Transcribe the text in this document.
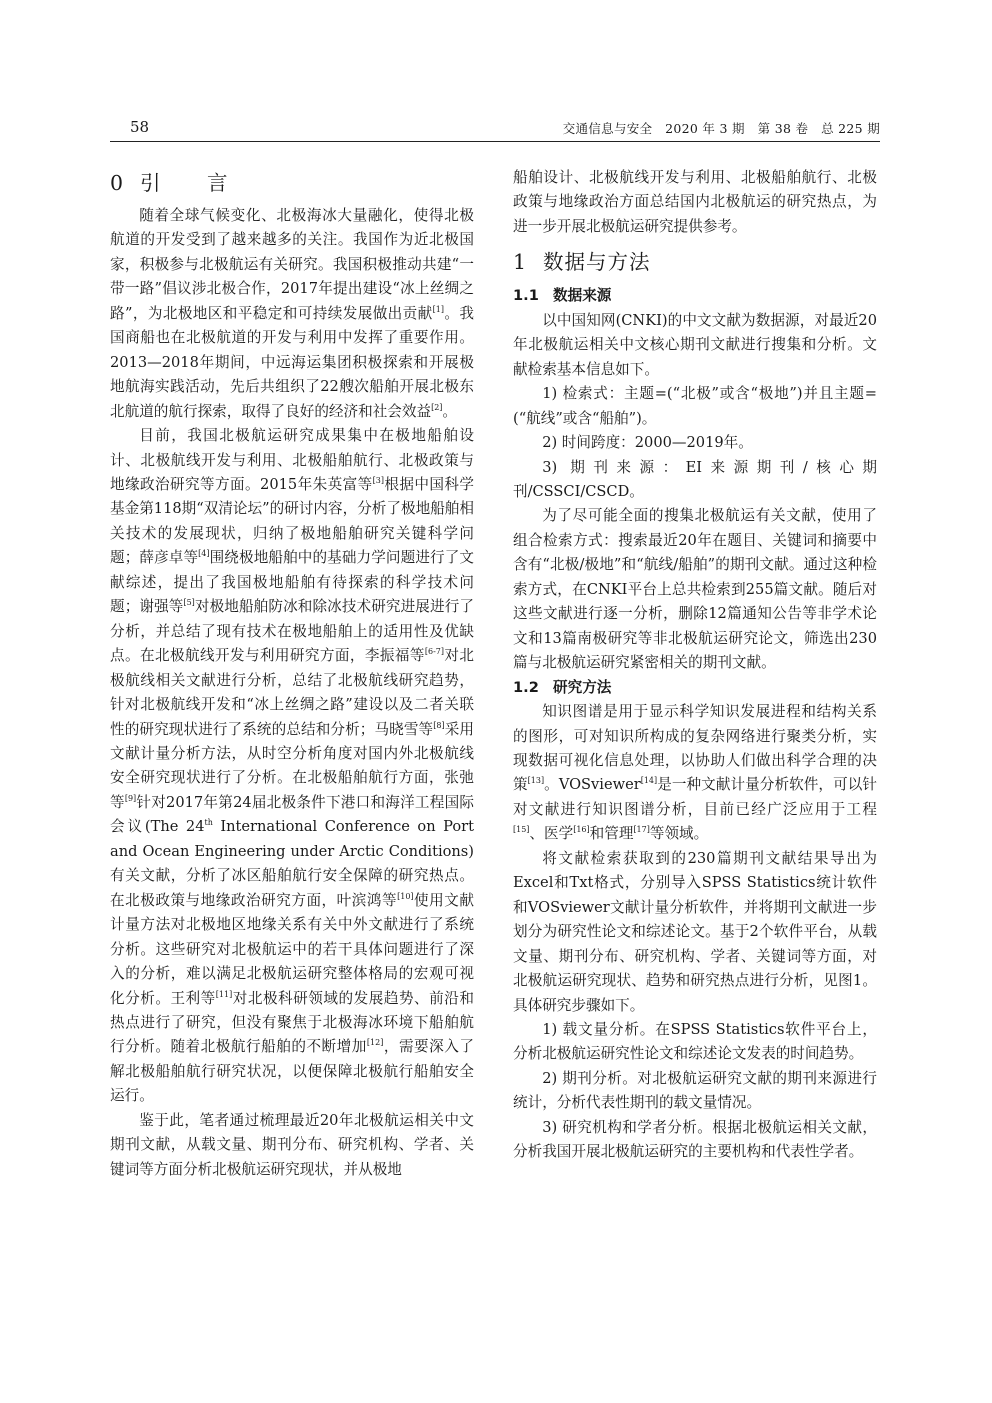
58	交通信息与安全　2020 年 3 期　第 38 卷　总 225 期
0 引 言

随着全球气候变化、北极海冰大量融化，使得北极航道的开发受到了越来越多的关注。我国作为近北极国家，积极参与北极航运有关研究。我国积极推动共建“一带一路”倡议涉北极合作，2017年提出建设“冰上丝绸之路”，为北极地区和平稳定和可持续发展做出贡献[1]。我国商船也在北极航道的开发与利用中发挥了重要作用。2013—2018年期间，中远海运集团积极探索和开展极地航海实践活动，先后共组织了22艘次船舶开展北极东北航道的航行探索，取得了良好的经济和社会效益[2]。

目前，我国北极航运研究成果集中在极地船舶设计、北极航线开发与利用、北极船舶航行、北极政策与地缘政治研究等方面。2015年朱英富等[3]根据中国科学基金第118期“双清论坛”的研讨内容，分析了极地船舶相关技术的发展现状，归纳了极地船舶研究关键科学问题；薛彦卓等[4]围绕极地船舶中的基础力学问题进行了文献综述，提出了我国极地船舶有待探索的科学技术问题；谢强等[5]对极地船舶防冰和除冰技术研究进展进行了分析，并总结了现有技术在极地船舶上的适用性及优缺点。在北极航线开发与利用研究方面，李振福等[6-7]对北极航线相关文献进行分析，总结了北极航线研究趋势，针对北极航线开发和“冰上丝绸之路”建设以及二者关联性的研究现状进行了系统的总结和分析；马晓雪等[8]采用文献计量分析方法，从时空分析角度对国内外北极航线安全研究现状进行了分析。在北极船舶航行方面，张弛等[9]针对2017年第24届北极条件下港口和海洋工程国际会议(The 24th International Conference on Port and Ocean Engineering under Arctic Conditions)有关文献，分析了冰区船舶航行安全保障的研究热点。在北极政策与地缘政治研究方面，叶滨鸿等[10]使用文献计量方法对北极地区地缘关系有关中外文献进行了系统分析。这些研究对北极航运中的若干具体问题进行了深入的分析，难以满足北极航运研究整体格局的宏观可视化分析。王利等[11]对北极科研领域的发展趋势、前沿和热点进行了研究，但没有聚焦于北极海冰环境下船舶航行分析。随着北极航行船舶的不断增加[12]，需要深入了解北极船舶航行研究状况，以便保障北极航行船舶安全运行。

鉴于此，笔者通过梳理最近20年北极航运相关中文期刊文献，从载文量、期刊分布、研究机构、学者、关键词等方面分析北极航运研究现状，并从极地

船舶设计、北极航线开发与利用、北极船舶航行、北极政策与地缘政治方面总结国内北极航运的研究热点，为进一步开展北极航运研究提供参考。

1 数据与方法
1.1 数据来源

以中国知网(CNKI)的中文文献为数据源，对最近20年北极航运相关中文核心期刊文献进行搜集和分析。文献检索基本信息如下。

1) 检索式：主题=(“北极”或含“极地”)并且主题=(“航线”或含“船舶”)。

2) 时间跨度：2000—2019年。

3) 期刊来源：EI来源期刊/核心期刊/CSSCI/CSCD。

为了尽可能全面的搜集北极航运有关文献，使用了组合检索方式：搜索最近20年在题目、关键词和摘要中含有“北极/极地”和“航线/船舶”的期刊文献。通过这种检索方式，在CNKI平台上总共检索到255篇文献。随后对这些文献进行逐一分析，删除12篇通知公告等非学术论文和13篇南极研究等非北极航运研究论文，筛选出230篇与北极航运研究紧密相关的期刊文献。

1.2 研究方法

知识图谱是用于显示科学知识发展进程和结构关系的图形，可对知识所构成的复杂网络进行聚类分析，实现数据可视化信息处理，以协助人们做出科学合理的决策[13]。VOSviewer[14]是一种文献计量分析软件，可以针对文献进行知识图谱分析，目前已经广泛应用于工程[15]、医学[16]和管理[17]等领域。

将文献检索获取到的230篇期刊文献结果导出为Excel和Txt格式，分别导入SPSS Statistics统计软件和VOSviewer文献计量分析软件，并将期刊文献进一步划分为研究性论文和综述论文。基于2个软件平台，从载文量、期刊分布、研究机构、学者、关键词等方面，对北极航运研究现状、趋势和研究热点进行分析，见图1。具体研究步骤如下。

1) 载文量分析。在SPSS Statistics软件平台上，分析北极航运研究性论文和综述论文发表的时间趋势。

2) 期刊分析。对北极航运研究文献的期刊来源进行统计，分析代表性期刊的载文量情况。

3) 研究机构和学者分析。根据北极航运相关文献，分析我国开展北极航运研究的主要机构和代表性学者。
